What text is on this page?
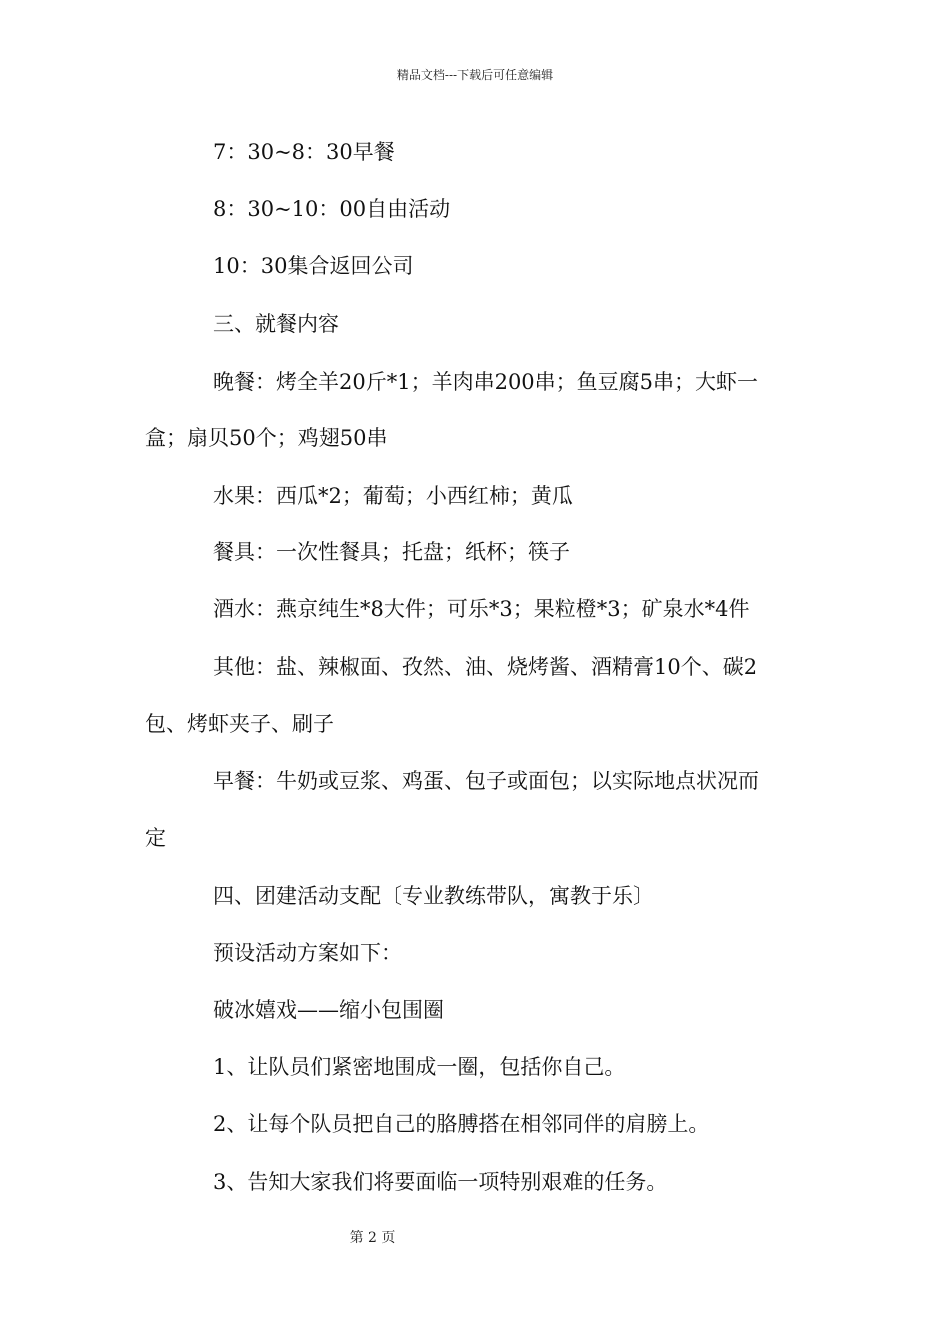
精品文档---下载后可任意编辑
7：30~8：30早餐
8：30~10：00自由活动
10：30集合返回公司
三、就餐内容
晚餐：烤全羊20斤*1；羊肉串200串；鱼豆腐5串；大虾一
盒；扇贝50个；鸡翅50串
水果：西瓜*2；葡萄；小西红柿；黄瓜
餐具：一次性餐具；托盘；纸杯；筷子
酒水：燕京纯生*8大件；可乐*3；果粒橙*3；矿泉水*4件
其他：盐、辣椒面、孜然、油、烧烤酱、酒精膏10个、碳2
包、烤虾夹子、刷子
早餐：牛奶或豆浆、鸡蛋、包子或面包；以实际地点状况而
定
四、团建活动支配〔专业教练带队，寓教于乐〕
预设活动方案如下：
破冰嬉戏——缩小包围圈
1、让队员们紧密地围成一圈，包括你自己。
2、让每个队员把自己的胳膊搭在相邻同伴的肩膀上。
3、告知大家我们将要面临一项特别艰难的任务。
第 2 页
